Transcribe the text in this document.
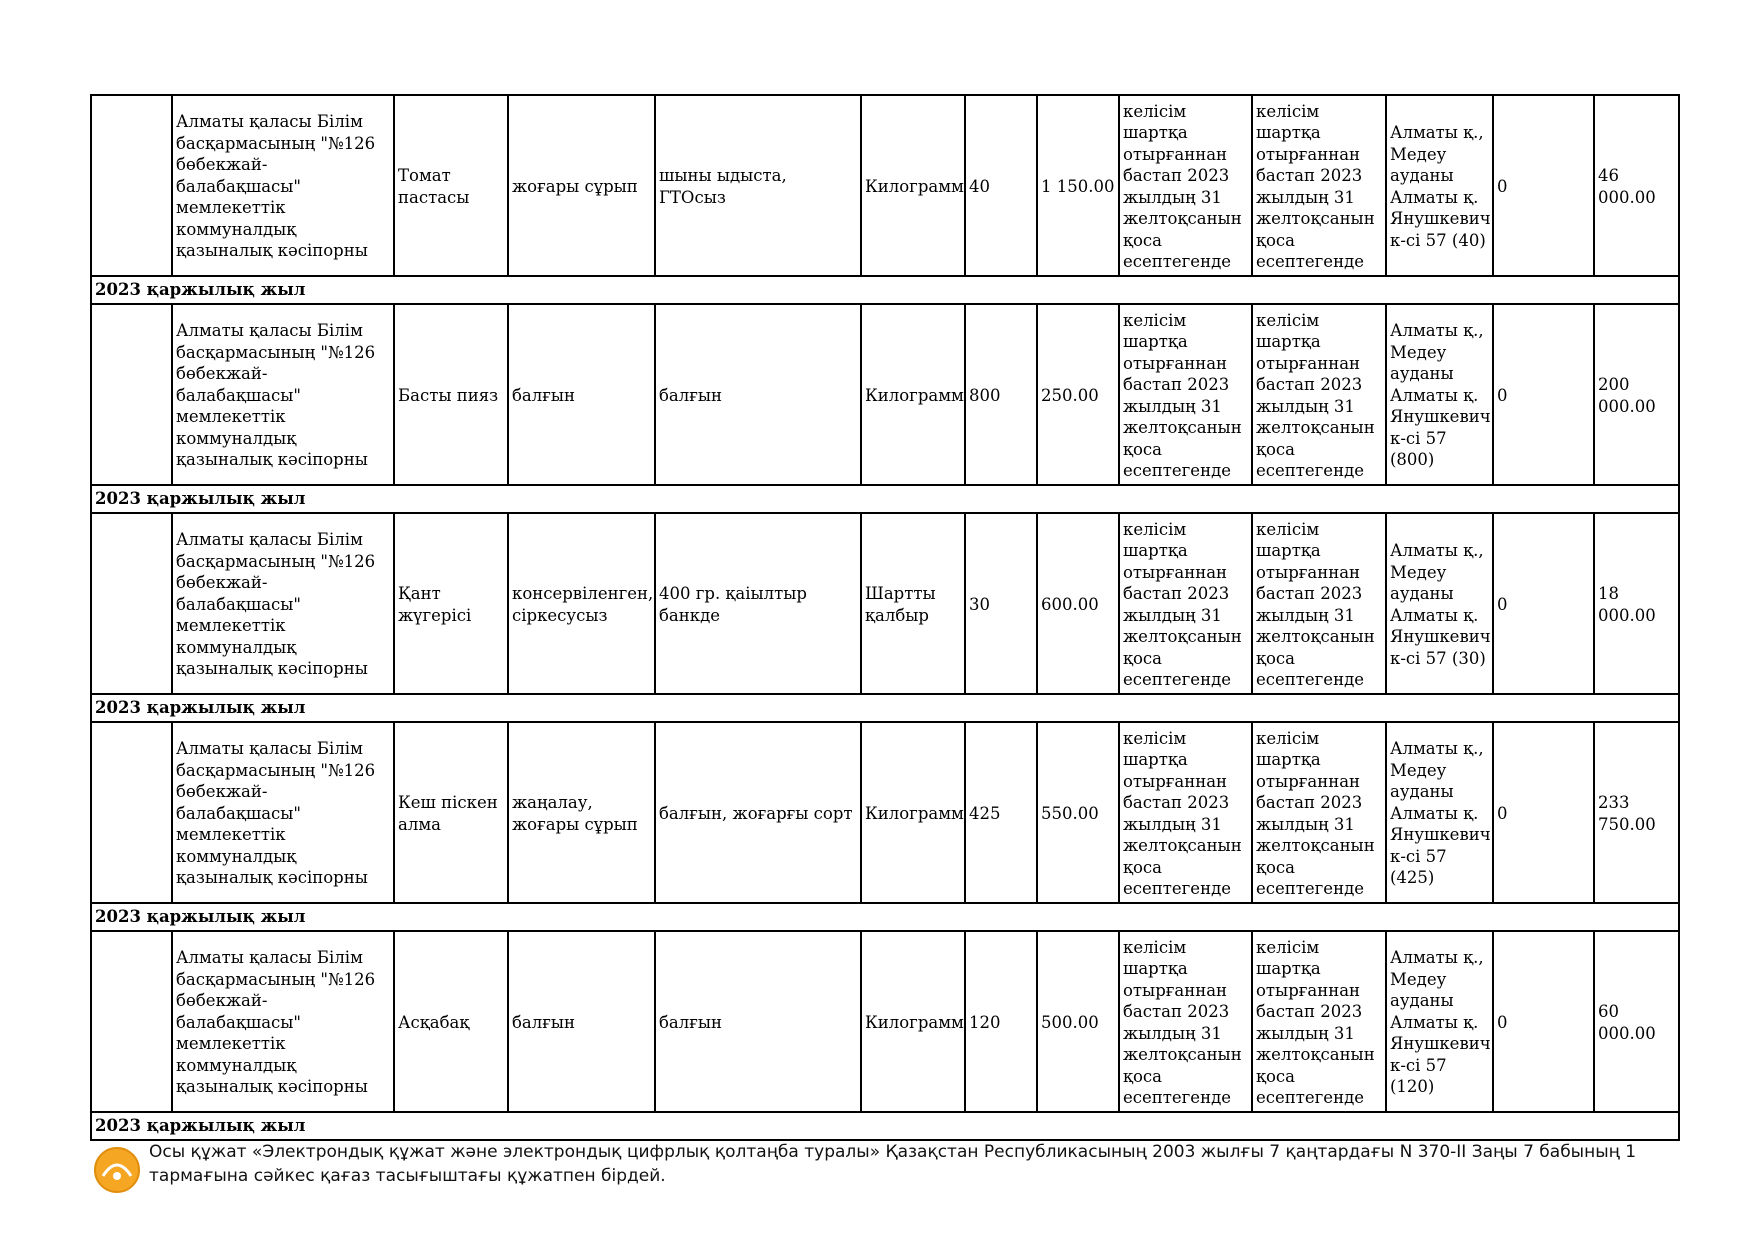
	Алматы қаласы Білім басқармасының "№126 бөбекжай-балабақшасы" мемлекеттік коммуналдық қазыналық кәсіпорны	Томат пастасы	жоғары сұрып	шыны ыдыста, ГТОсыз	Килограмм	40	1 150.00	келісім шартқа отырғаннан бастап 2023 жылдың 31 желтоқсанын қоса есептегенде	келісім шартқа отырғаннан бастап 2023 жылдың 31 желтоқсанын қоса есептегенде	Алматы қ., Медеу ауданы Алматы қ. Янушкевич к-сі 57 (40)	0	46 000.00
2023 қаржылық жыл												
	Алматы қаласы Білім басқармасының "№126 бөбекжай-балабақшасы" мемлекеттік коммуналдық қазыналық кәсіпорны	Басты пияз	балғын	балғын	Килограмм	800	250.00	келісім шартқа отырғаннан бастап 2023 жылдың 31 желтоқсанын қоса есептегенде	келісім шартқа отырғаннан бастап 2023 жылдың 31 желтоқсанын қоса есептегенде	Алматы қ., Медеу ауданы Алматы қ. Янушкевич к-сі 57 (800)	0	200 000.00
2023 қаржылық жыл												
	Алматы қаласы Білім басқармасының "№126 бөбекжай-балабақшасы" мемлекеттік коммуналдық қазыналық кәсіпорны	Қант жүгерісі	консервіленген, сіркесусыз	400 гр. қаіылтыр банкде	Шартты қалбыр	30	600.00	келісім шартқа отырғаннан бастап 2023 жылдың 31 желтоқсанын қоса есептегенде	келісім шартқа отырғаннан бастап 2023 жылдың 31 желтоқсанын қоса есептегенде	Алматы қ., Медеу ауданы Алматы қ. Янушкевич к-сі 57 (30)	0	18 000.00
2023 қаржылық жыл												
	Алматы қаласы Білім басқармасының "№126 бөбекжай-балабақшасы" мемлекеттік коммуналдық қазыналық кәсіпорны	Кеш піскен алма	жаңалау, жоғары сұрып	балғын, жоғарғы сорт	Килограмм	425	550.00	келісім шартқа отырғаннан бастап 2023 жылдың 31 желтоқсанын қоса есептегенде	келісім шартқа отырғаннан бастап 2023 жылдың 31 желтоқсанын қоса есептегенде	Алматы қ., Медеу ауданы Алматы қ. Янушкевич к-сі 57 (425)	0	233 750.00
2023 қаржылық жыл												
	Алматы қаласы Білім басқармасының "№126 бөбекжай-балабақшасы" мемлекеттік коммуналдық қазыналық кәсіпорны	Асқабақ	балғын	балғын	Килограмм	120	500.00	келісім шартқа отырғаннан бастап 2023 жылдың 31 желтоқсанын қоса есептегенде	келісім шартқа отырғаннан бастап 2023 жылдың 31 желтоқсанын қоса есептегенде	Алматы қ., Медеу ауданы Алматы қ. Янушкевич к-сі 57 (120)	0	60 000.00
2023 қаржылық жыл												
Осы құжат «Электрондық құжат және электрондық цифрлық қолтаңба туралы» Қазақстан Республикасының 2003 жылғы 7 қаңтардағы N 370-II Заңы 7 бабының 1 тармағына сәйкес қағаз тасығыштағы құжатпен бірдей.
